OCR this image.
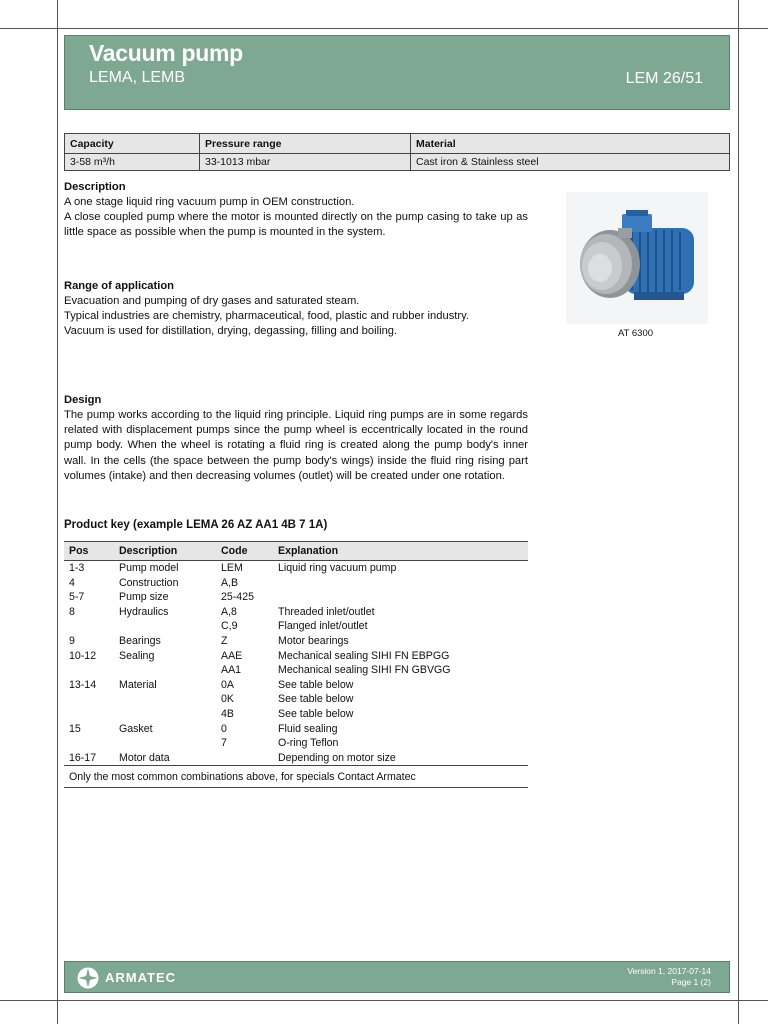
Vacuum pump
LEMA, LEMB	LEM 26/51
Capacity	Pressure range	Material
3-58 m³/h	33-1013 mbar	Cast iron & Stainless steel
Description

A one stage liquid ring vacuum pump in OEM construction.

A close coupled pump where the motor is mounted directly on the pump casing to take up as little space as possible when the pump is mounted in the system.

Range of application

Evacuation and pumping of dry gases and saturated steam.

Typical industries are chemistry, pharmaceutical, food, plastic and rubber industry.

Vacuum is used for distillation, drying, degassing, filling and boiling.

Design

The pump works according to the liquid ring principle. Liquid ring pumps are in some regards related with displacement pumps since the pump wheel is eccentrically located in the round pump body. When the wheel is rotating a fluid ring is created along the pump body's inner wall. In the cells (the space between the pump body's wings) inside the fluid ring rising part volumes (intake) and then decreasing volumes (outlet) will be created under one rotation.

AT 6300
Product key (example LEMA 26 AZ AA1 4B 7 1A)
Pos	Description	Code	Explanation
1-3	Pump model	LEM	Liquid ring vacuum pump
4	Construction	A,B	
5-7	Pump size	25-425	
8	Hydraulics	A,8	Threaded inlet/outlet
		C,9	Flanged inlet/outlet
9	Bearings	Z	Motor bearings
10-12	Sealing	AAE	Mechanical sealing SIHI FN EBPGG
		AA1	Mechanical sealing SIHI FN GBVGG
13-14	Material	0A	See table below
		0K	See table below
		4B	See table below
15	Gasket	0	Fluid sealing
		7	O-ring Teflon
16-17	Motor data		Depending on motor size
Only the most common combinations above, for specials Contact Armatec			
ARMATEC	Version 1, 2017-07-14
Page 1 (2)
